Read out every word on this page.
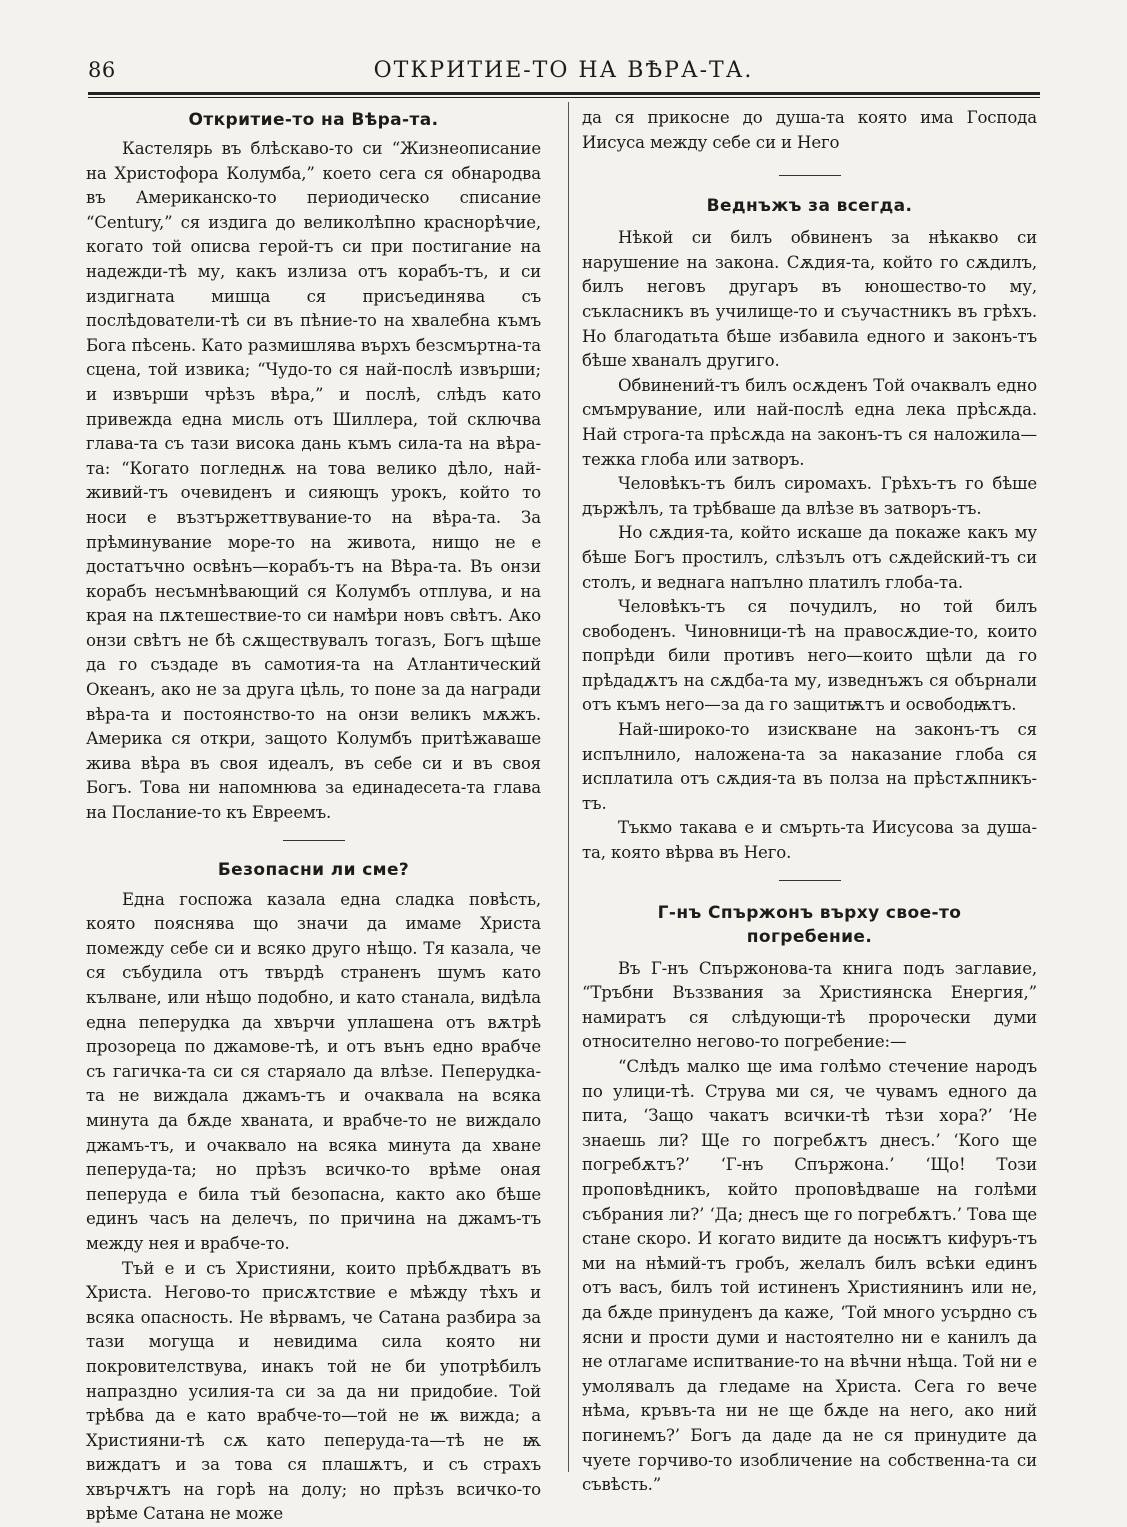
86	ОТКРИТИЕ-ТО НА ВѢРА-ТА.
Откритие-то на Вѣра-та.

Кастелярь въ блѣскаво-то си “Жизнеописание на Христофора Колумба,” което сега ся обнародва въ Американско-то периодическо списание “Century,” ся издига до великолѣпно краснорѣчие, когато той описва герой-тъ си при постигание на надежди-тѣ му, какъ излиза отъ корабъ-тъ, и си издигната мишца ся присъединява съ послѣдователи-тѣ си въ пѣние-то на хвалебна къмъ Бога пѣсень. Като размишлява върхъ безсмъртна-та сцена, той извика; “Чудо-то ся най-послѣ извърши; и извърши чрѣзъ вѣра,” и послѣ, слѣдъ като привежда една мисль отъ Шиллера, той сключва глава-та съ тази висока дань къмъ сила-та на вѣра-та: “Когато погледнѫ на това велико дѣло, най-живий-тъ очевиденъ и сияющъ урокъ, който то носи е възтържеттвувание-то на вѣра-та. За прѣминувание море-то на живота, нищо не е достатъчно освѣнъ—корабъ-тъ на Вѣра-та. Въ онзи корабъ несъмнѣвающий ся Колумбъ отплува, и на края на пѫтешествие-то си намѣри новъ свѣтъ. Ако онзи свѣтъ не бѣ сѫществувалъ тогазъ, Богъ щѣше да го създаде въ самотия-та на Атлантический Океанъ, ако не за друга цѣль, то поне за да награди вѣра-та и постоянство-то на онзи великъ мѫжъ. Америка ся откри, защото Колумбъ притѣжаваше жива вѣра въ своя идеалъ, въ себе си и въ своя Богъ. Това ни напомнюва за единадесета-та глава на Послание-то къ Евреемъ.

Безопасни ли сме?

Една госпожа казала една сладка повѣсть, която пояснява що значи да имаме Христа помежду себе си и всяко друго нѣщо. Тя казала, че ся събудила отъ твърдѣ страненъ шумъ като кълване, или нѣщо подобно, и като станала, видѣла една пеперудка да хвърчи уплашена отъ вѫтрѣ прозореца по джамове-тѣ, и отъ вънъ едно врабче съ гагичка-та си ся старяало да влѣзе. Пеперудка-та не виждала джамъ-тъ и очаквала на всяка минута да бѫде хваната, и врабче-то не виждало джамъ-тъ, и очаквало на всяка минута да хване пеперуда-та; но прѣзъ всичко-то врѣме оная пеперуда е била тъй безопасна, както ако бѣше единъ часъ на делечъ, по причина на джамъ-тъ между нея и врабче-то.

Тъй е и съ Християни, които прѣбѫдватъ въ Христа. Негово-то присѫтствие е мѣжду тѣхъ и всяка опасность. Не вѣрвамъ, че Сатана разбира за тази могуща и невидима сила която ни покровителствува, инакъ той не би употрѣбилъ напраздно усилия-та си за да ни придобие. Той трѣбва да е като врабче-то—той не ѭ вижда; а Християни-тѣ сѫ като пеперуда-та—тѣ не ѭ виждатъ и за това ся плашѫтъ, и съ страхъ хвърчѫтъ на горѣ на долу; но прѣзъ всичко-то врѣме Сатана не може

да ся прикосне до душа-та която има Господа Иисуса между себе си и Него

Веднъжъ за всегда.

Нѣкой си билъ обвиненъ за нѣкакво си нарушение на закона. Сѫдия-та, който го сѫдилъ, билъ неговъ другаръ въ юношество-то му, съкласникъ въ училище-то и съучастникъ въ грѣхъ. Но благодатьта бѣше избавила едного и законъ-тъ бѣше хваналъ другиго.

Обвинений-тъ билъ осѫденъ Той очаквалъ едно смъмрувание, или най-послѣ една лека прѣсѫда. Най строга-та прѣсѫда на законъ-тъ ся наложила—тежка глоба или затворъ.

Человѣкъ-тъ билъ сиромахъ. Грѣхъ-тъ го бѣше държѣлъ, та трѣбваше да влѣзе въ затворъ-тъ.

Но сѫдия-та, който искаше да покаже какъ му бѣше Богъ простилъ, слѣзълъ отъ сѫдейский-тъ си столъ, и веднага напълно платилъ глоба-та.

Человѣкъ-тъ ся почудилъ, но той билъ свободенъ. Чиновници-тѣ на правосѫдие-то, които попрѣди били противъ него—които щѣли да го прѣдадѫтъ на сѫдба-та му, изведнъжъ ся обърнали отъ къмъ него—за да го защитѭтъ и освободѭтъ.

Най-широко-то изискване на законъ-тъ ся испълнило, наложена-та за наказание глоба ся исплатила отъ сѫдия-та въ полза на прѣстѫпникъ-тъ.

Тъкмо такава е и смърть-та Иисусова за душа-та, която вѣрва въ Него.

Г-нъ Спържонъ върху свое-то погребение.

Въ Г-нъ Спържонова-та книга подъ заглавие, “Тръбни Въззвания за Християнска Енергия,” намиратъ ся слѣдующи-тѣ пророчески думи относително негово-то погребение:—

“Слѣдъ малко ще има голѣмо стечение народъ по улици-тѣ. Струва ми ся, че чувамъ едного да пита, ‘Защо чакатъ всички-тѣ тѣзи хора?’ ‘Не знаешь ли? Ще го погребѫтъ днесъ.’ ‘Кого ще погребѫтъ?’ ‘Г-нъ Спържона.’ ‘Що! Този проповѣдникъ, който проповѣдваше на голѣми събрания ли?’ ‘Да; днесъ ще го погребѫтъ.’ Това ще стане скоро. И когато видите да носѭтъ кифуръ-тъ ми на нѣмий-тъ гробъ, желалъ билъ всѣки единъ отъ васъ, билъ той истиненъ Християнинъ или не, да бѫде принуденъ да каже, ‘Той много усърдно съ ясни и прости думи и настоятелно ни е канилъ да не отлагаме испитвание-то на вѣчни нѣща. Той ни е умолявалъ да гледаме на Христа. Сега го вече нѣма, кръвъ-та ни не ще бѫде на него, ако ний погинемъ?’ Богъ да даде да не ся принудите да чуете горчиво-то изобличение на собственна-та си съвѣсть.”
